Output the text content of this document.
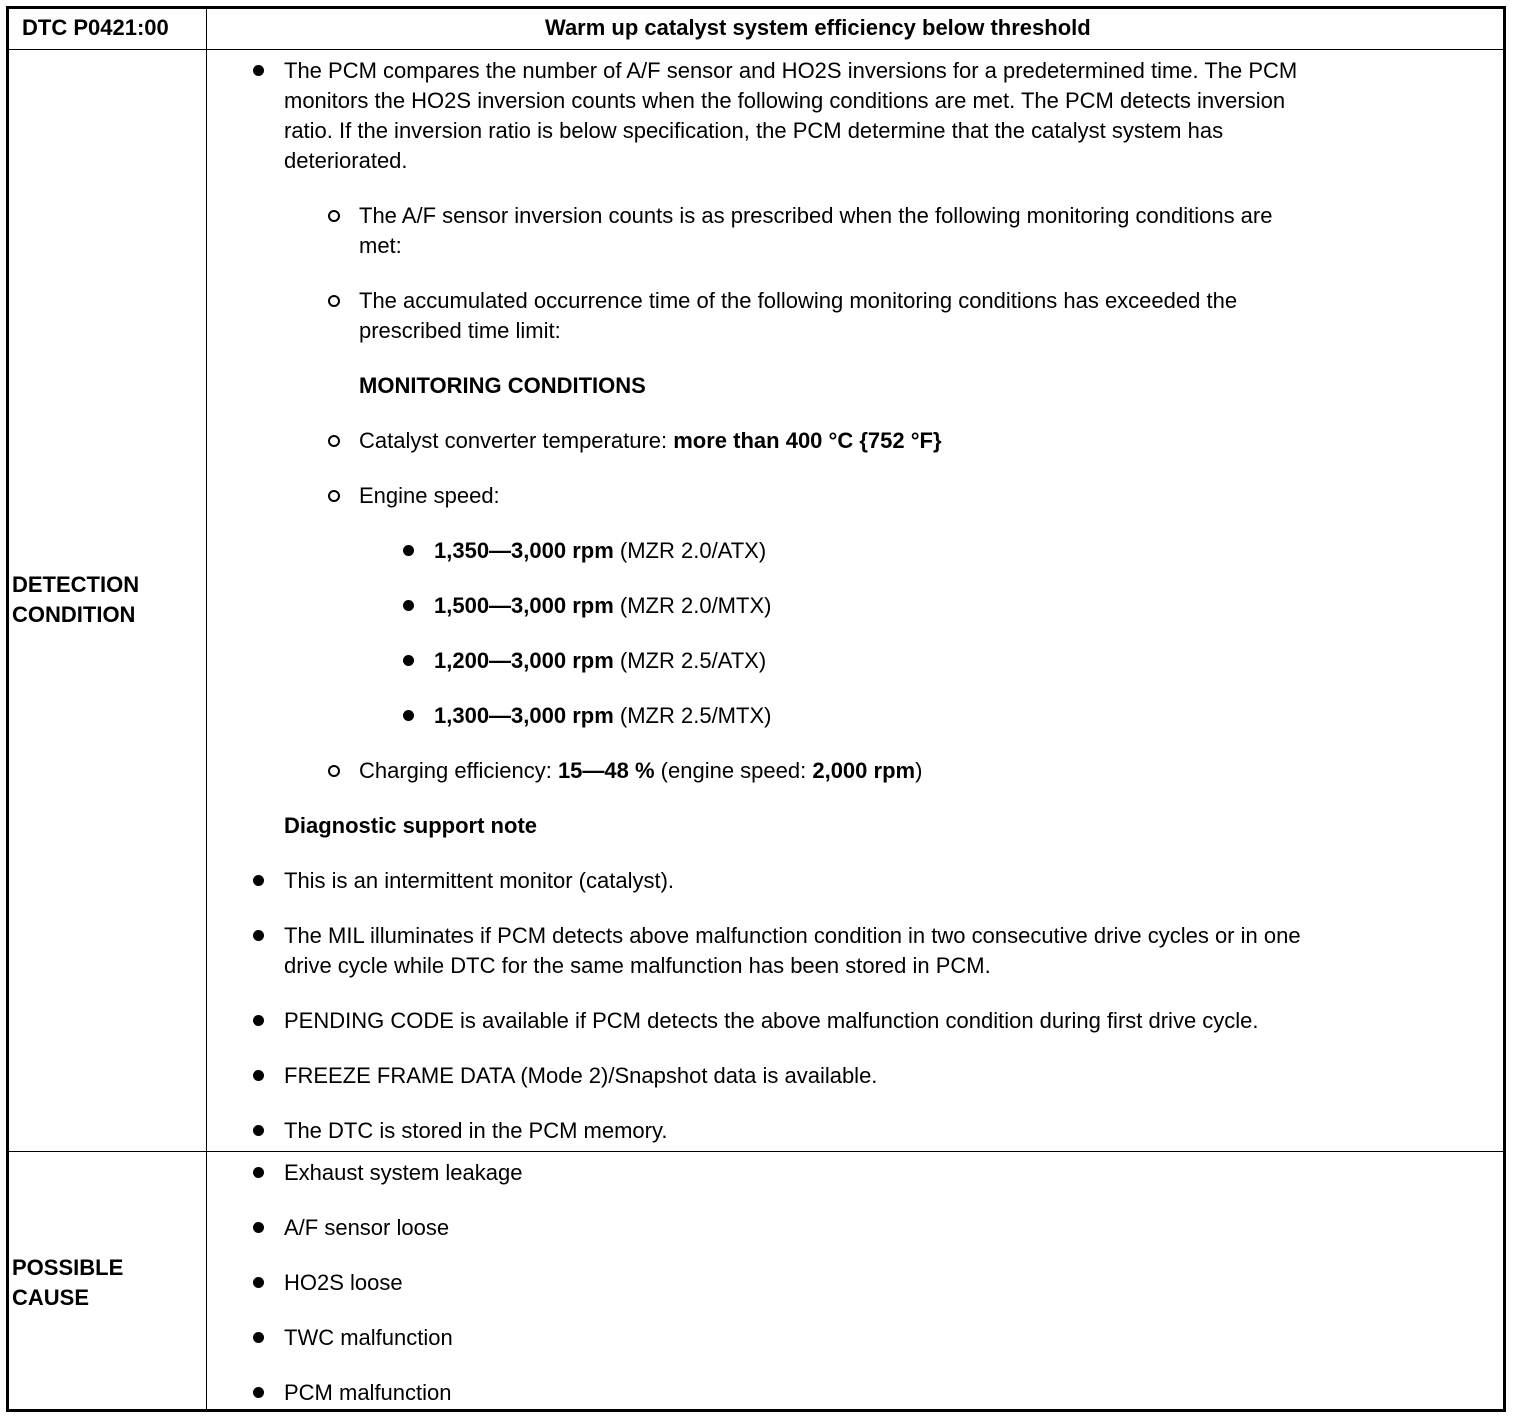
DTC P0421:00	Warm up catalyst system efficiency below threshold
DETECTION
CONDITION
The PCM compares the number of A/F sensor and HO2S inversions for a predetermined time. The PCM
monitors the HO2S inversion counts when the following conditions are met. The PCM detects inversion
ratio. If the inversion ratio is below specification, the PCM determine that the catalyst system has
deteriorated.
The A/F sensor inversion counts is as prescribed when the following monitoring conditions are
met:
The accumulated occurrence time of the following monitoring conditions has exceeded the
prescribed time limit:
MONITORING CONDITIONS
Catalyst converter temperature: more than 400 °C {752 °F}
Engine speed:
1,350—3,000 rpm (MZR 2.0/ATX)
1,500—3,000 rpm (MZR 2.0/MTX)
1,200—3,000 rpm (MZR 2.5/ATX)
1,300—3,000 rpm (MZR 2.5/MTX)
Charging efficiency: 15—48 % (engine speed: 2,000 rpm)
Diagnostic support note
This is an intermittent monitor (catalyst).
The MIL illuminates if PCM detects above malfunction condition in two consecutive drive cycles or in one
drive cycle while DTC for the same malfunction has been stored in PCM.
PENDING CODE is available if PCM detects the above malfunction condition during first drive cycle.
FREEZE FRAME DATA (Mode 2)/Snapshot data is available.
The DTC is stored in the PCM memory.
POSSIBLE
CAUSE
Exhaust system leakage
A/F sensor loose
HO2S loose
TWC malfunction
PCM malfunction
